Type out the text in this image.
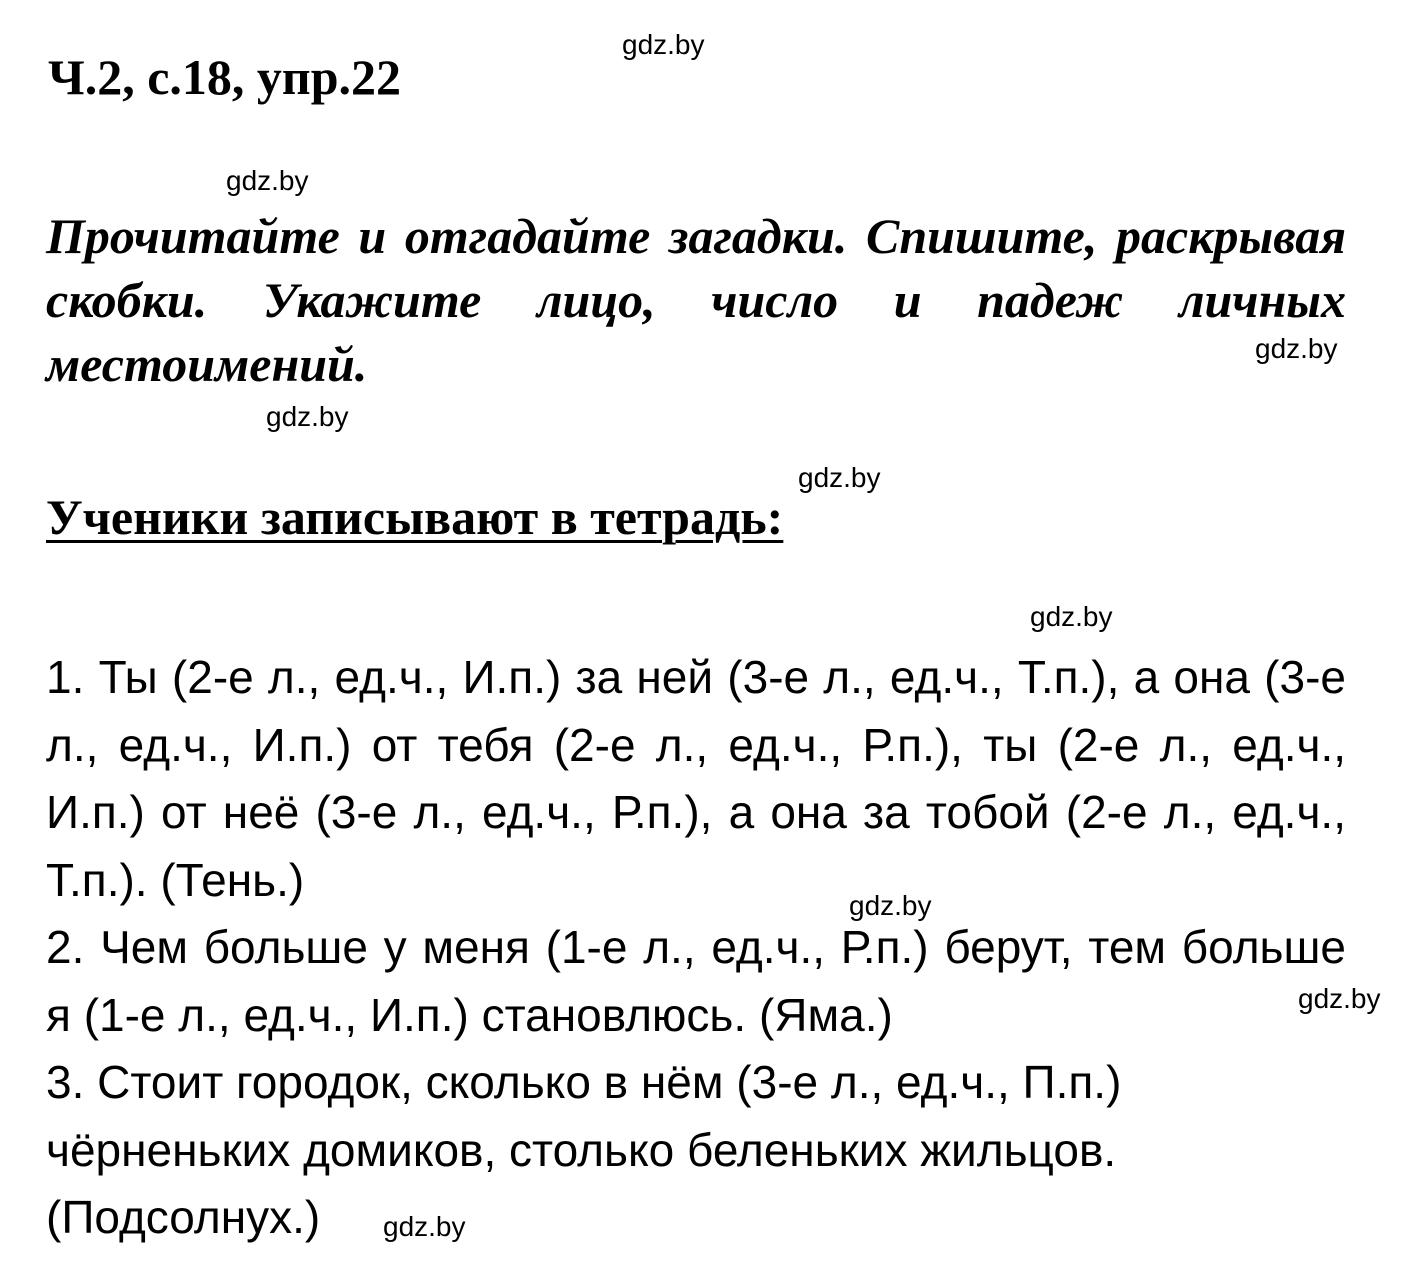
Ч.2, с.18, упр.22

Прочитайте и отгадайте загадки. Спишите, раскрывая скобки. Укажите лицо, число и падеж личных местоимений.

Ученики записывают в тетрадь:

1. Ты (2-е л., ед.ч., И.п.) за ней (3-е л., ед.ч., Т.п.), а она (3-е л., ед.ч., И.п.) от тебя (2-е л., ед.ч., Р.п.), ты (2-е л., ед.ч., И.п.) от неё (3-е л., ед.ч., Р.п.), а она за тобой (2-е л., ед.ч., Т.п.). (Тень.)

2. Чем больше у меня (1-е л., ед.ч., Р.п.) берут, тем больше я (1-е л., ед.ч., И.п.) становлюсь. (Яма.)

3. Стоит городок, сколько в нём (3-е л., ед.ч., П.п.) чёрненьких домиков, столько беленьких жильцов. (Подсолнух.)

gdz.by
gdz.by
gdz.by
gdz.by
gdz.by
gdz.by
gdz.by
gdz.by
gdz.by
